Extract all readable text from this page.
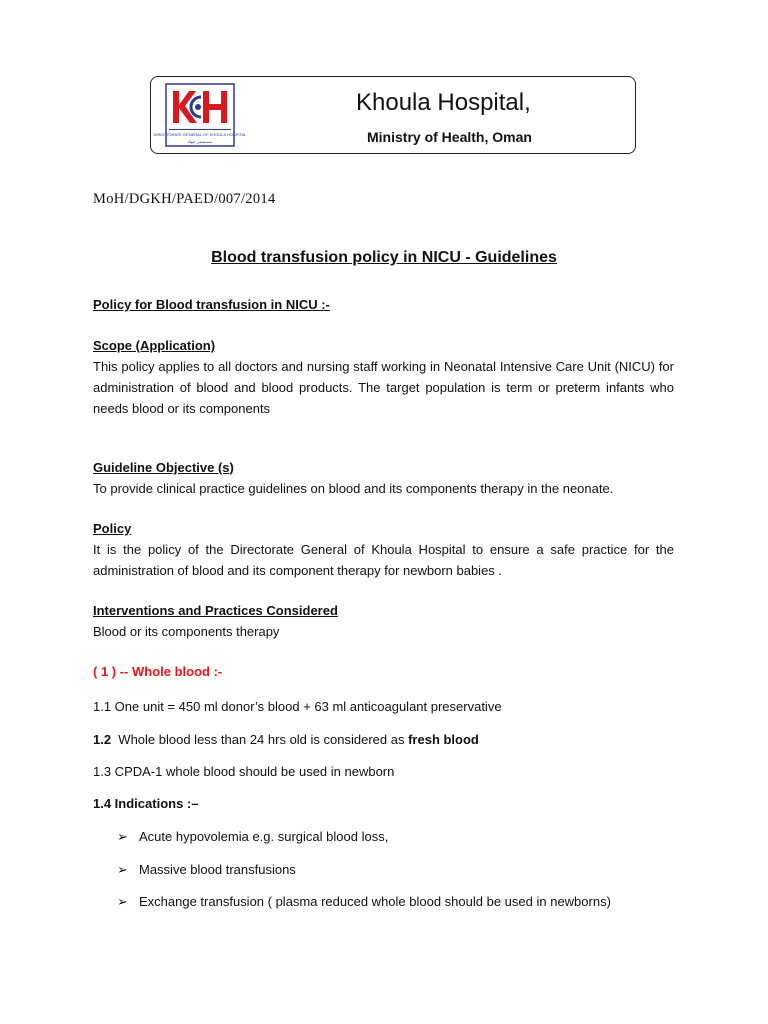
DIRECTORATE GENERAL OF KHOULA HOSPITAL
مستشفى خولة
Khoula Hospital,
Ministry of Health, Oman
MoH/DGKH/PAED/007/2014
Blood transfusion policy in NICU - Guidelines
Policy for Blood transfusion in NICU :-
Scope (Application)
This policy applies to all doctors and nursing staff working in Neonatal Intensive Care Unit (NICU) for administration of blood and blood products. The target population is term or preterm infants who needs blood or its components
Guideline Objective (s)
To provide clinical practice guidelines on blood and its components therapy in the neonate.
Policy
It is the policy of the Directorate General of Khoula Hospital to ensure a safe practice for the administration of blood and its component therapy for newborn babies .
Interventions and Practices Considered
Blood or its components therapy
( 1 ) -- Whole blood :-
1.1 One unit = 450 ml donor’s blood + 63 ml anticoagulant preservative
1.2  Whole blood less than 24 hrs old is considered as fresh blood
1.3 CPDA-1 whole blood should be used in newborn
1.4 Indications :–
➢ Acute hypovolemia e.g. surgical blood loss,
➢ Massive blood transfusions
➢ Exchange transfusion ( plasma reduced whole blood should be used in newborns)
